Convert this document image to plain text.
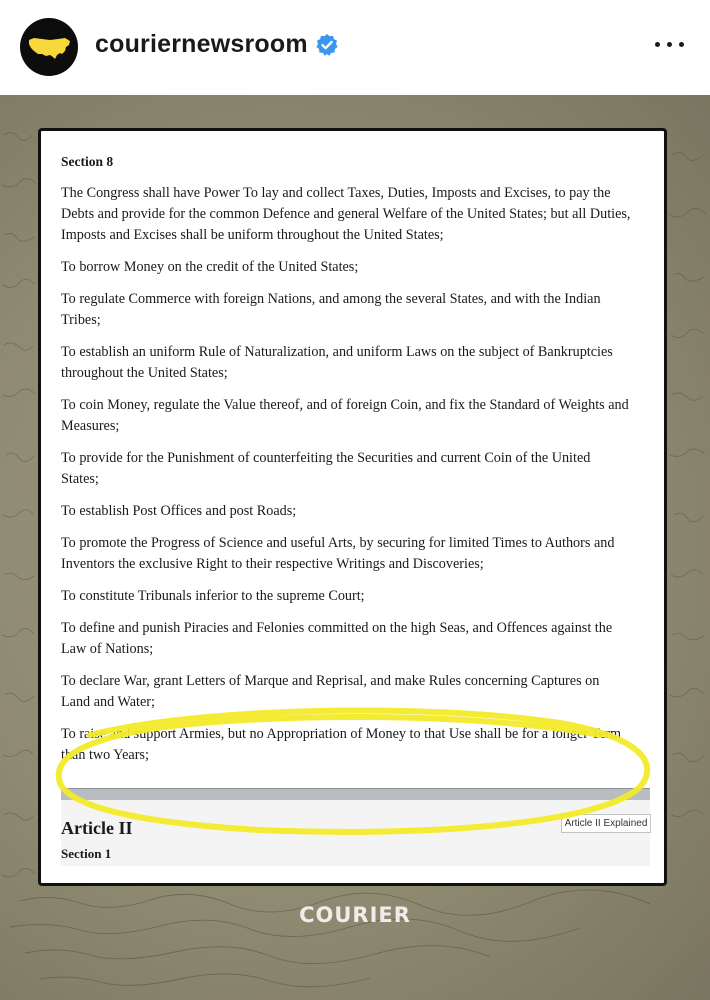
couriernewsroom
Section 8

The Congress shall have Power To lay and collect Taxes, Duties, Imposts and Excises, to pay the Debts and provide for the common Defence and general Welfare of the United States; but all Duties, Imposts and Excises shall be uniform throughout the United States;

To borrow Money on the credit of the United States;

To regulate Commerce with foreign Nations, and among the several States, and with the Indian Tribes;

To establish an uniform Rule of Naturalization, and uniform Laws on the subject of Bankruptcies throughout the United States;

To coin Money, regulate the Value thereof, and of foreign Coin, and fix the Standard of Weights and Measures;

To provide for the Punishment of counterfeiting the Securities and current Coin of the United States;

To establish Post Offices and post Roads;

To promote the Progress of Science and useful Arts, by securing for limited Times to Authors and Inventors the exclusive Right to their respective Writings and Discoveries;

To constitute Tribunals inferior to the supreme Court;

To define and punish Piracies and Felonies committed on the high Seas, and Offences against the Law of Nations;

To declare War, grant Letters of Marque and Reprisal, and make Rules concerning Captures on Land and Water;

To raise and support Armies, but no Appropriation of Money to that Use shall be for a longer Term than two Years;

Article II	Article II Explained
Section 1
COURIER
